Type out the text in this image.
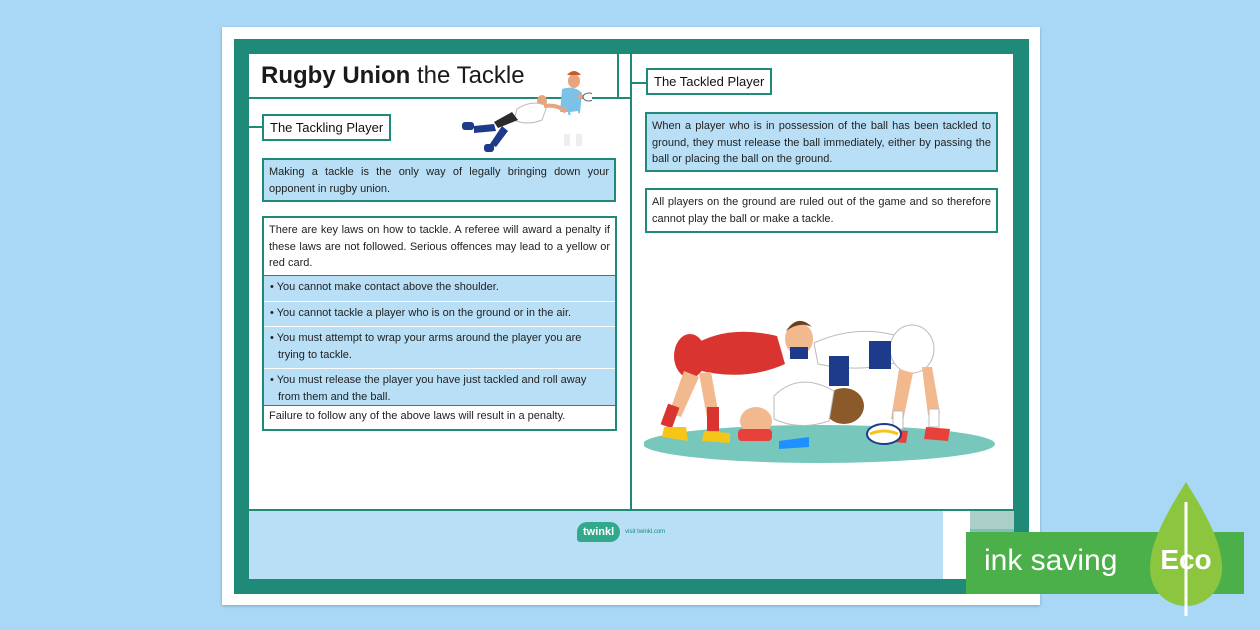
Rugby Union the Tackle
The Tackling Player
Making a tackle is the only way of legally bringing down your opponent in rugby union.
There are key laws on how to tackle. A referee will award a penalty if these laws are not followed. Serious offences may lead to a yellow or red card.
• You cannot make contact above the shoulder.
• You cannot tackle a player who is on the ground or in the air.
• You must attempt to wrap your arms around the player you are trying to tackle.
• You must release the player you have just tackled and roll away from them and the ball.
Failure to follow any of the above laws will result in a penalty.
The Tackled Player
When a player who is in possession of the ball has been tackled to ground, they must release the ball immediately, either by passing the ball or placing the ball on the ground.
All players on the ground are ruled out of the game and so therefore cannot play the ball or make a tackle.
twinkl	visit twinkl.com
ink saving Eco
